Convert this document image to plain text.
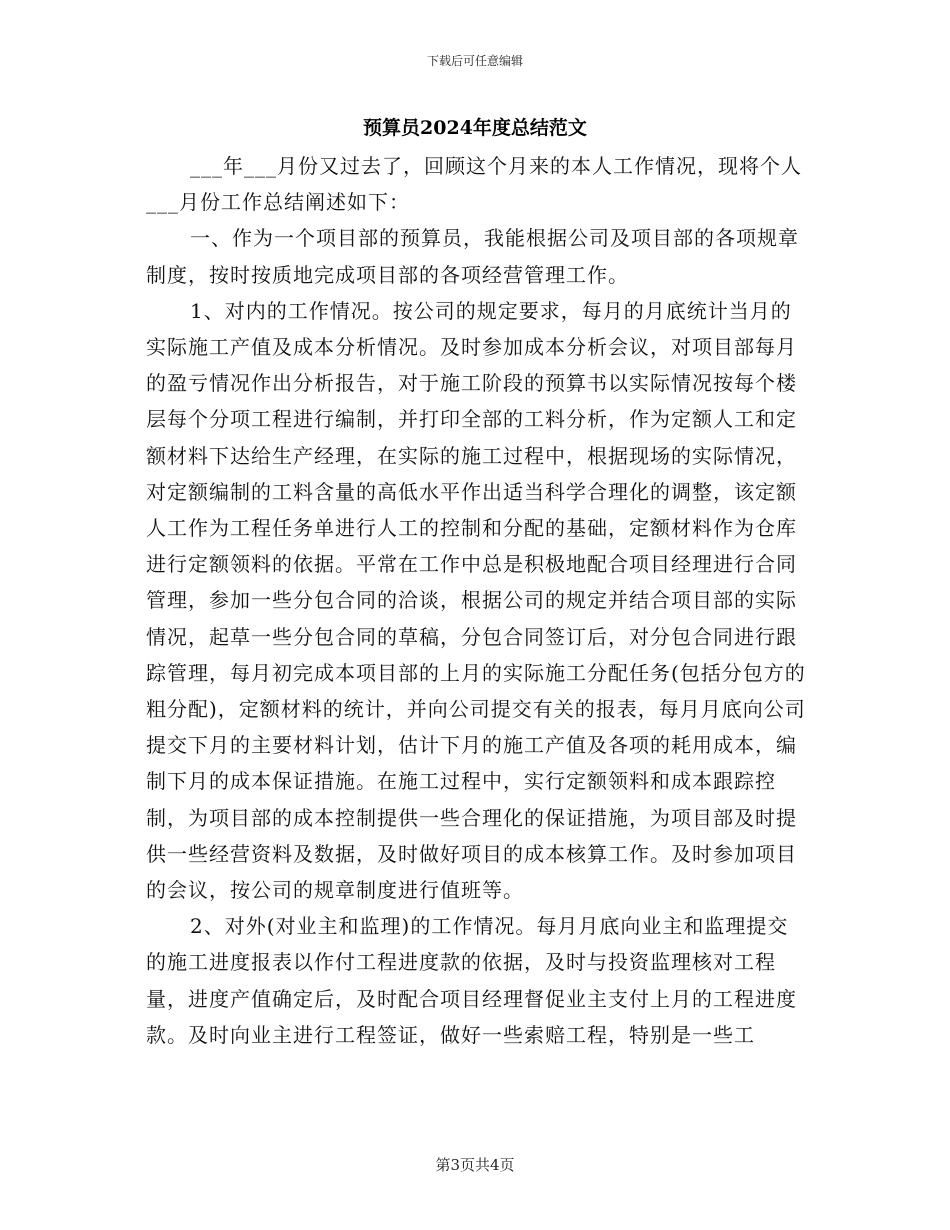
下载后可任意编辑
预算员2024年度总结范文

___年___月份又过去了，回顾这个月来的本人工作情况，现将个人___月份工作总结阐述如下：

一、作为一个项目部的预算员，我能根据公司及项目部的各项规章制度，按时按质地完成项目部的各项经营管理工作。

1、对内的工作情况。按公司的规定要求，每月的月底统计当月的实际施工产值及成本分析情况。及时参加成本分析会议，对项目部每月的盈亏情况作出分析报告，对于施工阶段的预算书以实际情况按每个楼层每个分项工程进行编制，并打印全部的工料分析，作为定额人工和定额材料下达给生产经理，在实际的施工过程中，根据现场的实际情况，对定额编制的工料含量的高低水平作出适当科学合理化的调整，该定额人工作为工程任务单进行人工的控制和分配的基础，定额材料作为仓库进行定额领料的依据。平常在工作中总是积极地配合项目经理进行合同管理，参加一些分包合同的洽谈，根据公司的规定并结合项目部的实际情况，起草一些分包合同的草稿，分包合同签订后，对分包合同进行跟踪管理，每月初完成本项目部的上月的实际施工分配任务(包括分包方的粗分配)，定额材料的统计，并向公司提交有关的报表，每月月底向公司提交下月的主要材料计划，估计下月的施工产值及各项的耗用成本，编制下月的成本保证措施。在施工过程中，实行定额领料和成本跟踪控制，为项目部的成本控制提供一些合理化的保证措施，为项目部及时提供一些经营资料及数据，及时做好项目的成本核算工作。及时参加项目的会议，按公司的规章制度进行值班等。

2、对外(对业主和监理)的工作情况。每月月底向业主和监理提交的施工进度报表以作付工程进度款的依据，及时与投资监理核对工程量，进度产值确定后，及时配合项目经理督促业主支付上月的工程进度款。及时向业主进行工程签证，做好一些索赔工程，特别是一些工

第3页共4页
